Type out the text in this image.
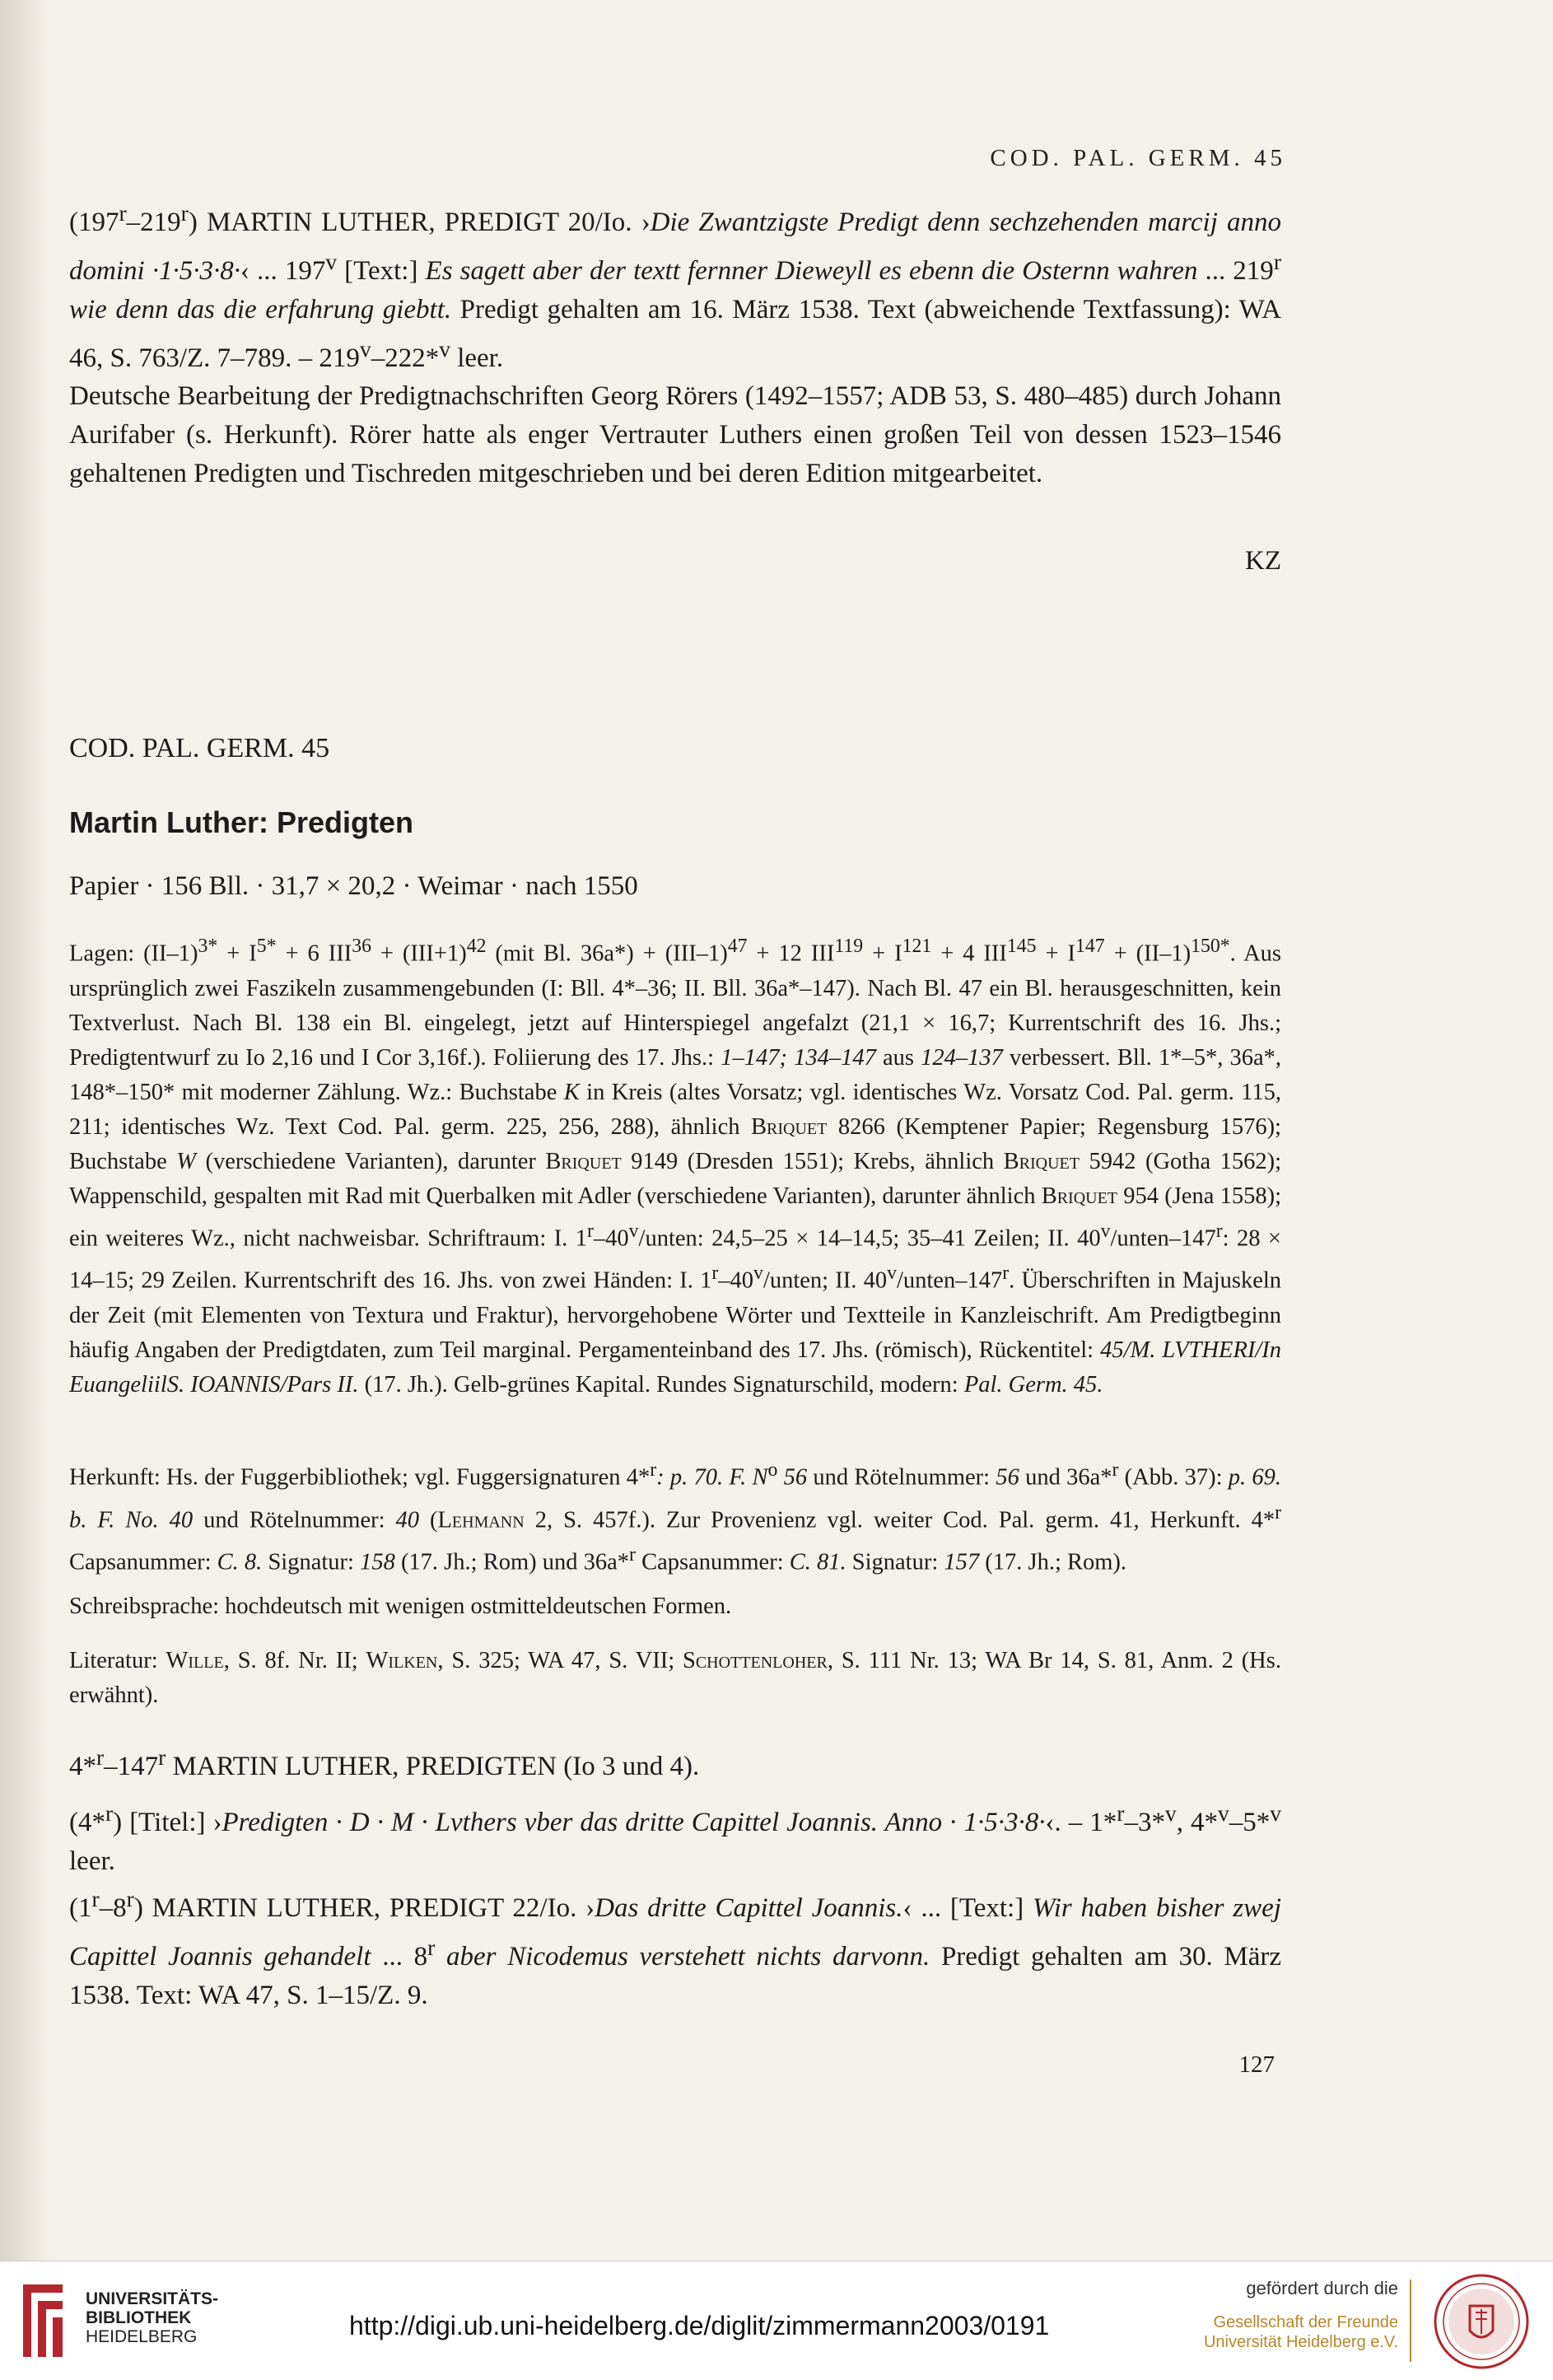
COD. PAL. GERM. 45

(197$^r$–219$^r$) MARTIN LUTHER, PREDIGT 20/Io. ›Die Zwantzigste Predigt denn sechzehenden marcij anno domini ·1·5·3·8·‹ ... 197$^v$ [Text:] Es sagett aber der textt fernner Dieweyll es ebenn die Osternn wahren ... 219$^r$ wie denn das die erfahrung giebtt. Predigt gehalten am 16. März 1538. Text (abweichende Textfassung): WA 46, S. 763/Z. 7–789. – 219$^v$–222*$^v$ leer.

Deutsche Bearbeitung der Predigtnachschriften Georg Rörers (1492–1557; ADB 53, S. 480–485) durch Johann Aurifaber (s. Herkunft). Rörer hatte als enger Vertrauter Luthers einen großen Teil von dessen 1523–1546 gehaltenen Predigten und Tischreden mitgeschrieben und bei deren Edition mitgearbeitet.

KZ
COD. PAL. GERM. 45
Martin Luther: Predigten
Papier · 156 Bll. · 31,7 × 20,2 · Weimar · nach 1550

Lagen: $(II-1)^{3*} + I^{5*} + 6$ $III^{36} + (III+1)^{42}$ (mit Bl. $36a*) + (III-1)^{47} + 12$ $III^{119} + I^{121} + 4$ $III^{145} + I^{147} + (II-1)^{150*}$. Aus ursprünglich zwei Faszikeln zusammengebunden (I: Bll. 4*–36; II. Bll. 36a*–147). Nach Bl. 47 ein Bl. herausgeschnitten, kein Textverlust. Nach Bl. 138 ein Bl. eingelegt, jetzt auf Hinterspiegel angefalzt (21,1 × 16,7; Kurrentschrift des 16. Jhs.; Predigtentwurf zu Io 2,16 und I Cor 3,16f.). Foliierung des 17. Jhs.: 1–147; 134–147 aus 124–137 verbessert. Bll. 1*–5*, 36a*, 148*–150* mit moderner Zählung. Wz.: Buchstabe K in Kreis (altes Vorsatz; vgl. identisches Wz. Vorsatz Cod. Pal. germ. 115, 211; identisches Wz. Text Cod. Pal. germ. 225, 256, 288), ähnlich Briquet 8266 (Kemptener Papier; Regensburg 1576); Buchstabe W (verschiedene Varianten), darunter Briquet 9149 (Dresden 1551); Krebs, ähnlich Briquet 5942 (Gotha 1562); Wappenschild, gespalten mit Rad mit Querbalken mit Adler (verschiedene Varianten), darunter ähnlich Briquet 954 (Jena 1558); ein weiteres Wz., nicht nachweisbar. Schriftraum: I. 1$^r$–40$^v$/unten: 24,5–25 × 14–14,5; 35–41 Zeilen; II. 40$^v$/unten–147$^r$: 28 × 14–15; 29 Zeilen. Kurrentschrift des 16. Jhs. von zwei Händen: I. 1$^r$–40$^v$/unten; II. 40$^v$/unten–147$^r$. Überschriften in Majuskeln der Zeit (mit Elementen von Textura und Fraktur), hervorgehobene Wörter und Textteile in Kanzleischrift. Am Predigtbeginn häufig Angaben der Predigtdaten, zum Teil marginal. Pergamenteinband des 17. Jhs. (römisch), Rückentitel: 45/M. LVTHERI/In EuangeliilS. IOANNIS/Pars II. (17. Jh.). Gelb-grünes Kapital. Rundes Signaturschild, modern: Pal. Germ. 45.

Herkunft: Hs. der Fuggerbibliothek; vgl. Fuggersignaturen 4*$^r$: p. 70. F. $N^o$ 56 und Rötelnummer: 56 und 36a*$^r$ (Abb. 37): p. 69. b. F. No. 40 und Rötelnummer: 40 (Lehmann 2, S. 457f.). Zur Provenienz vgl. weiter Cod. Pal. germ. 41, Herkunft. 4*$^r$ Capsanummer: C. 8. Signatur: 158 (17. Jh.; Rom) und 36a*$^r$ Capsanummer: C. 81. Signatur: 157 (17. Jh.; Rom).

Schreibsprache: hochdeutsch mit wenigen ostmitteldeutschen Formen.

Literatur: Wille, S. 8f. Nr. II; Wilken, S. 325; WA 47, S. VII; Schottenloher, S. 111 Nr. 13; WA Br 14, S. 81, Anm. 2 (Hs. erwähnt).

4*$^r$–147$^r$ MARTIN LUTHER, PREDIGTEN (Io 3 und 4).

(4*$^r$) [Titel:] ›Predigten · D · M · Lvthers vber das dritte Capittel Joannis. Anno · 1·5·3·8·‹. – 1*$^r$–3*$^v$, 4*$^v$–5*$^v$ leer.

(1$^r$–8$^r$) MARTIN LUTHER, PREDIGT 22/Io. ›Das dritte Capittel Joannis.‹ ... [Text:] Wir haben bisher zwej Capittel Joannis gehandelt ... 8$^r$ aber Nicodemus verstehett nichts darvonn. Predigt gehalten am 30. März 1538. Text: WA 47, S. 1–15/Z. 9.

127
UNIVERSITÄTS-
BIBLIOTHEK
HEIDELBERG	http://digi.ub.uni-heidelberg.de/diglit/zimmermann2003/0191
gefördert durch die
Gesellschaft der Freunde
Universität Heidelberg e.V.
